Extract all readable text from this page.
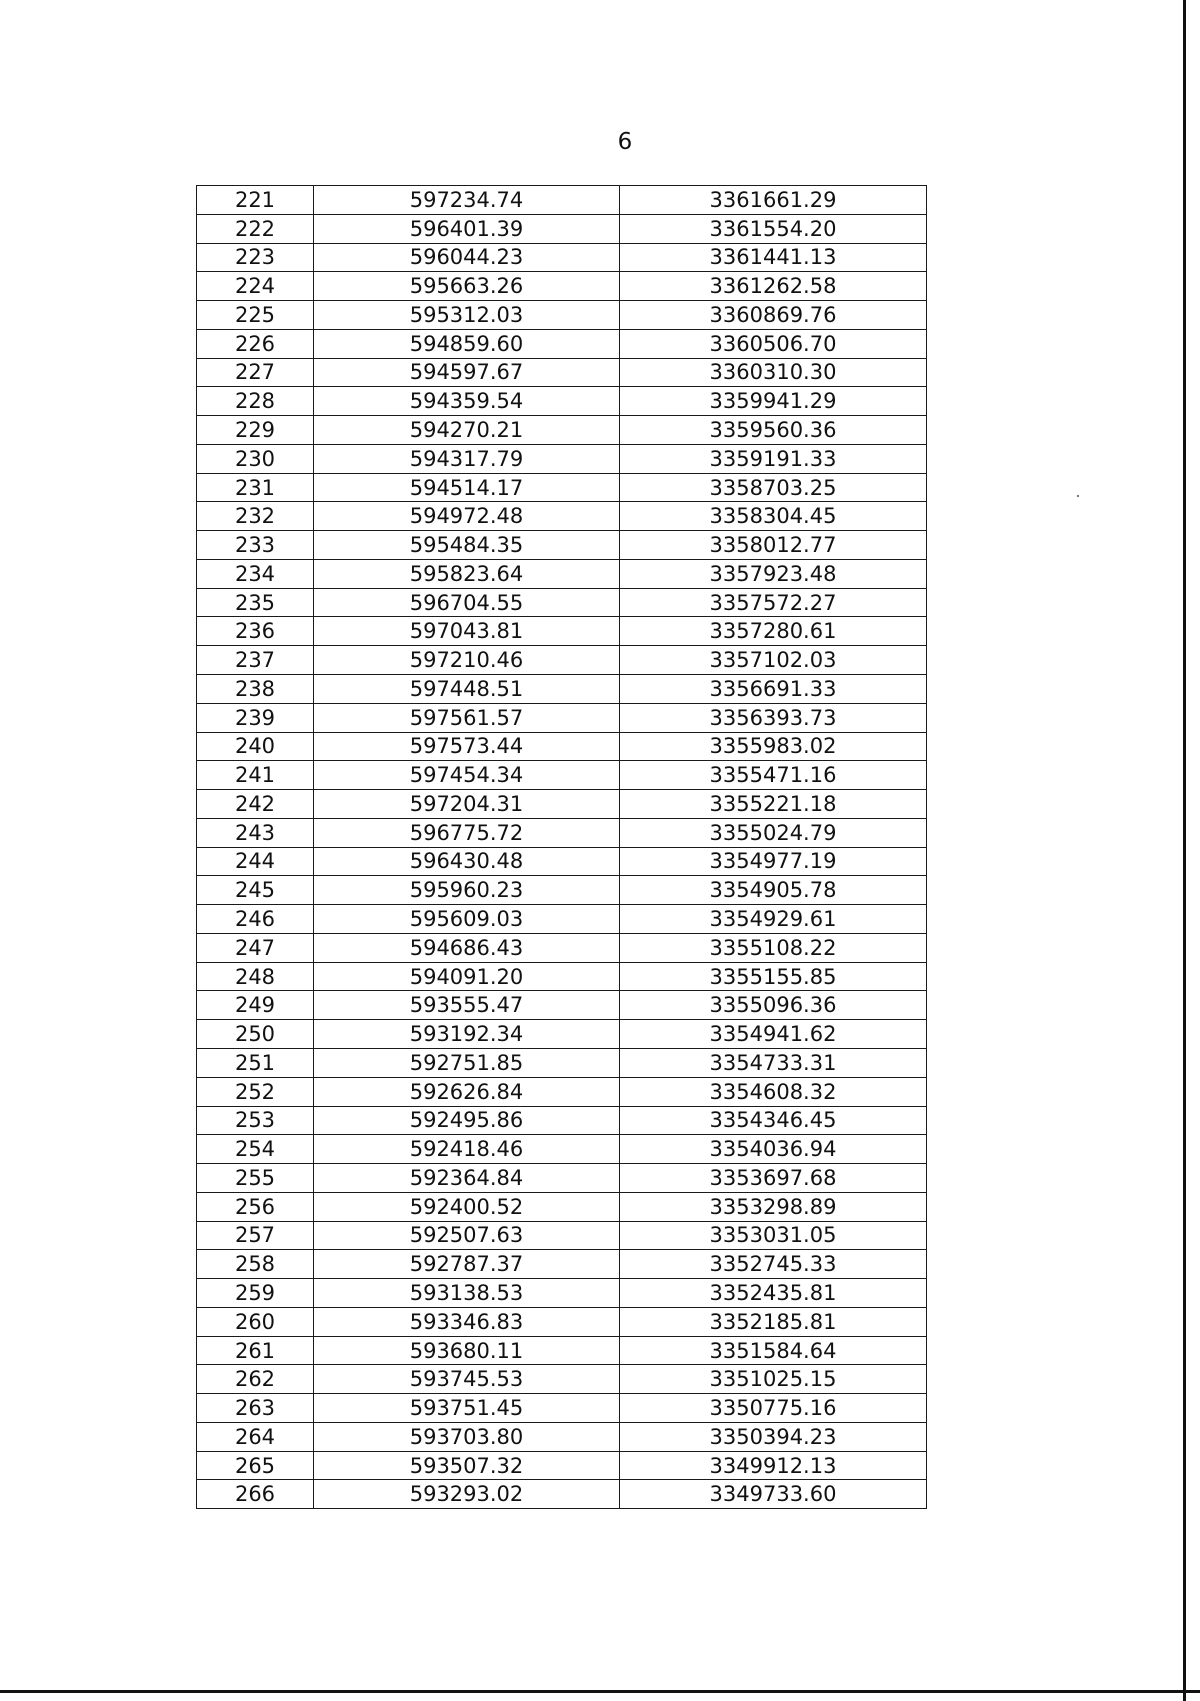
6
221	597234.74	3361661.29
222	596401.39	3361554.20
223	596044.23	3361441.13
224	595663.26	3361262.58
225	595312.03	3360869.76
226	594859.60	3360506.70
227	594597.67	3360310.30
228	594359.54	3359941.29
229	594270.21	3359560.36
230	594317.79	3359191.33
231	594514.17	3358703.25
232	594972.48	3358304.45
233	595484.35	3358012.77
234	595823.64	3357923.48
235	596704.55	3357572.27
236	597043.81	3357280.61
237	597210.46	3357102.03
238	597448.51	3356691.33
239	597561.57	3356393.73
240	597573.44	3355983.02
241	597454.34	3355471.16
242	597204.31	3355221.18
243	596775.72	3355024.79
244	596430.48	3354977.19
245	595960.23	3354905.78
246	595609.03	3354929.61
247	594686.43	3355108.22
248	594091.20	3355155.85
249	593555.47	3355096.36
250	593192.34	3354941.62
251	592751.85	3354733.31
252	592626.84	3354608.32
253	592495.86	3354346.45
254	592418.46	3354036.94
255	592364.84	3353697.68
256	592400.52	3353298.89
257	592507.63	3353031.05
258	592787.37	3352745.33
259	593138.53	3352435.81
260	593346.83	3352185.81
261	593680.11	3351584.64
262	593745.53	3351025.15
263	593751.45	3350775.16
264	593703.80	3350394.23
265	593507.32	3349912.13
266	593293.02	3349733.60
